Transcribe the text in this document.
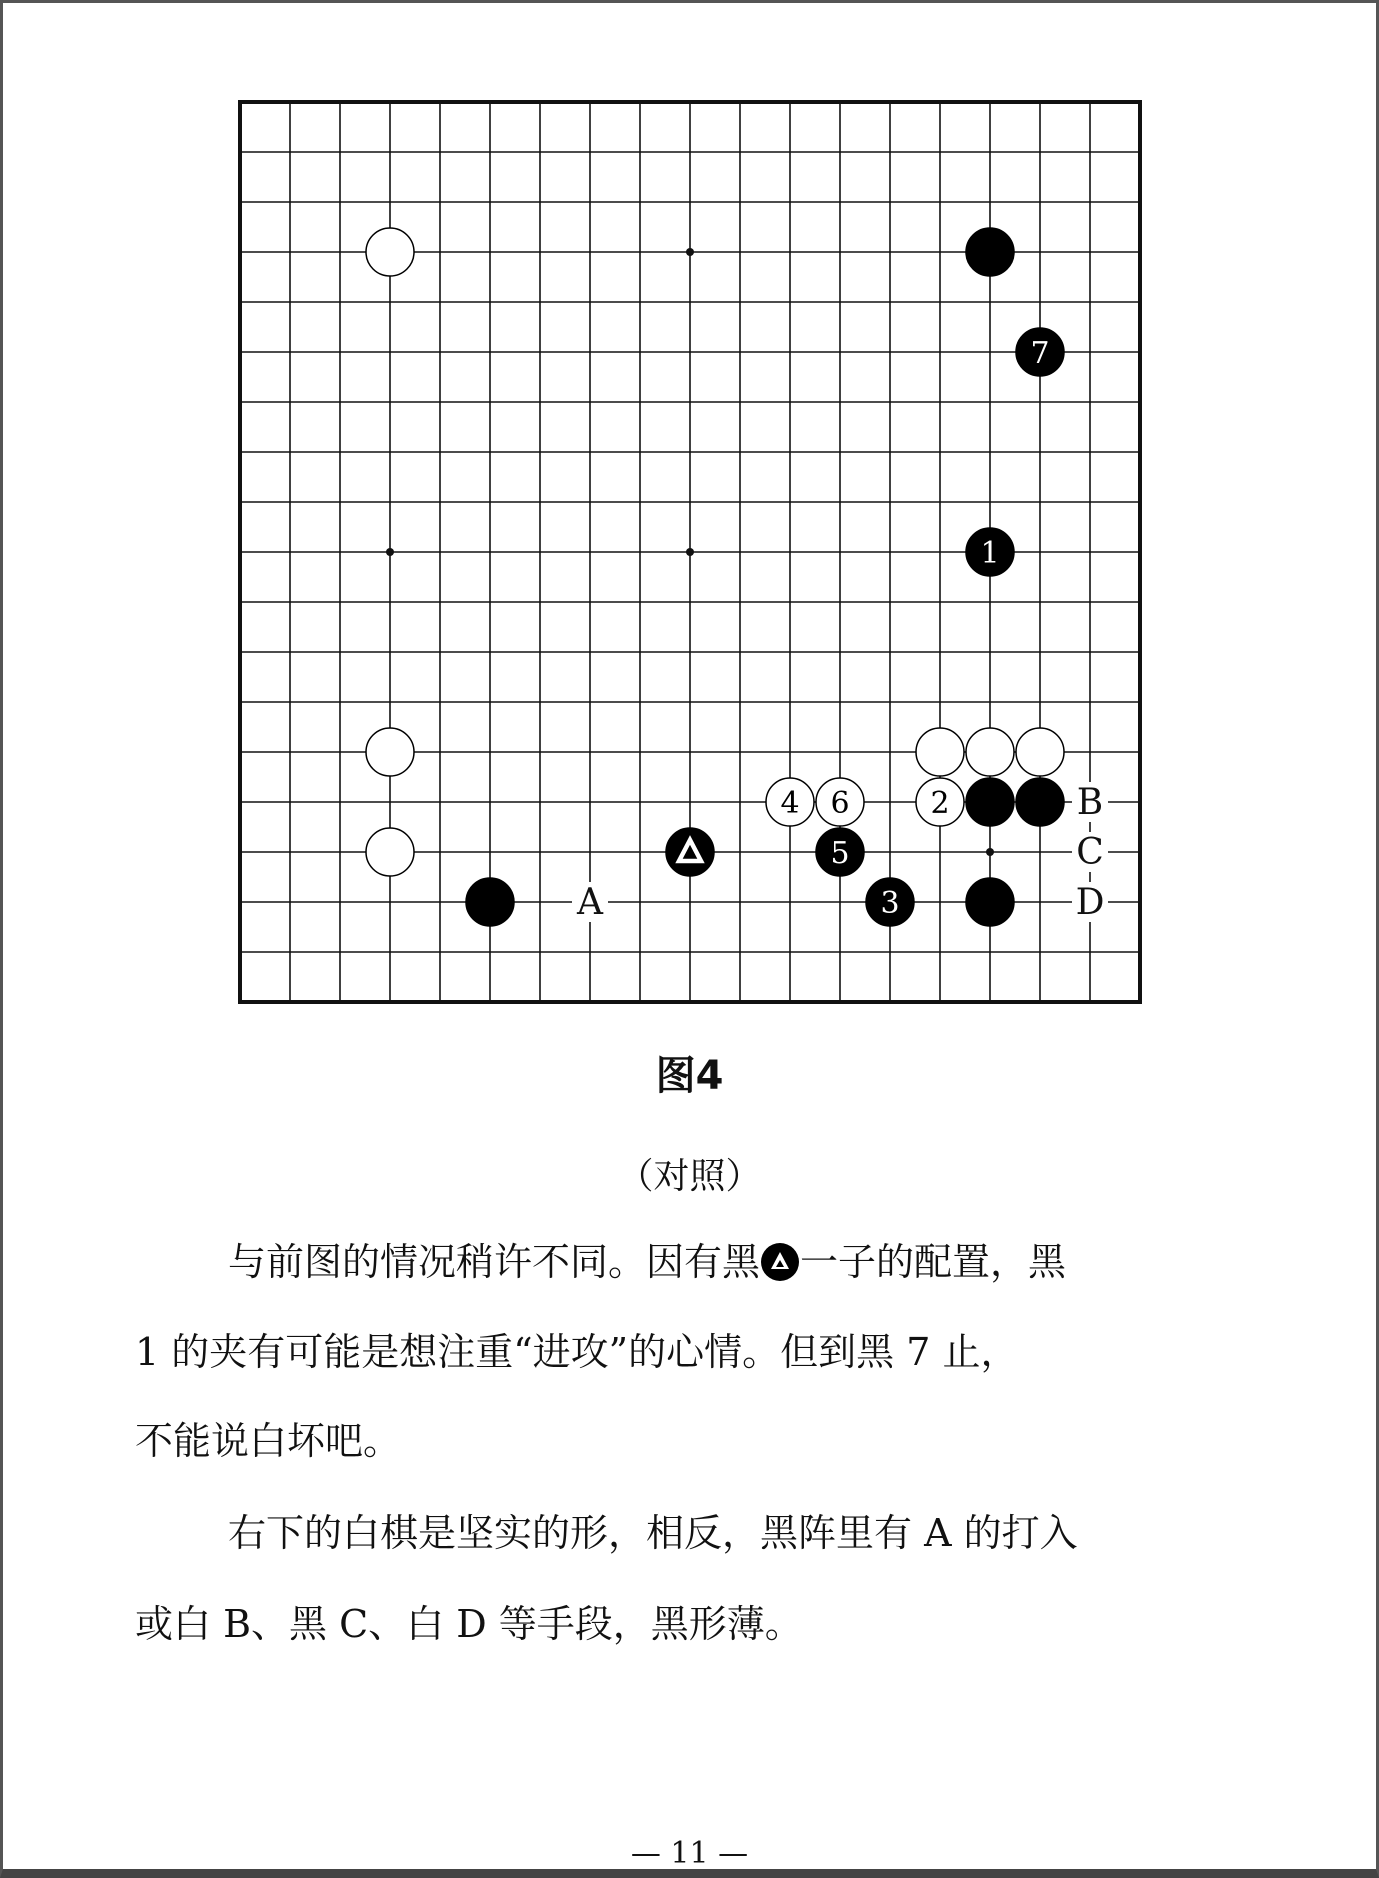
B
C
A	D
7
1
4 6	2
5
3
图4
（对照）
与前图的情况稍许不同。因有黑 一子的配置，黑
1 的夹有可能是想注重“进攻”的心情。但到黑 7 止，
不能说白坏吧。
右下的白棋是坚实的形，相反，黑阵里有 A 的打入
或白 B、黑 C、白 D 等手段，黑形薄。
— 11 —
